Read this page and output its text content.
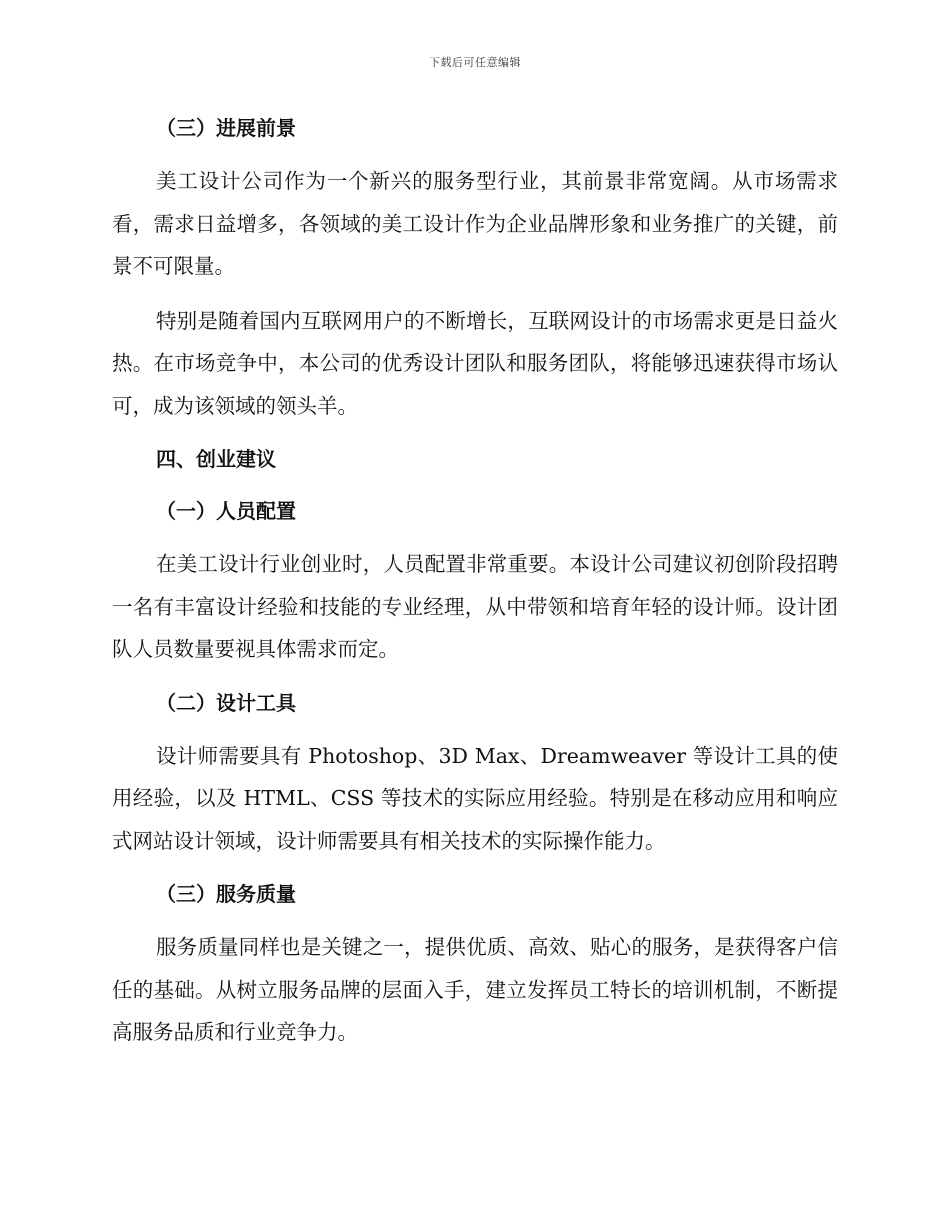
下载后可任意编辑
（三）进展前景

美工设计公司作为一个新兴的服务型行业，其前景非常宽阔。从市场需求看，需求日益增多，各领域的美工设计作为企业品牌形象和业务推广的关键，前景不可限量。

特别是随着国内互联网用户的不断增长，互联网设计的市场需求更是日益火热。在市场竞争中，本公司的优秀设计团队和服务团队，将能够迅速获得市场认可，成为该领域的领头羊。

四、创业建议
（一）人员配置

在美工设计行业创业时，人员配置非常重要。本设计公司建议初创阶段招聘一名有丰富设计经验和技能的专业经理，从中带领和培育年轻的设计师。设计团队人员数量要视具体需求而定。

（二）设计工具

设计师需要具有 Photoshop、3D Max、Dreamweaver 等设计工具的使用经验，以及 HTML、CSS 等技术的实际应用经验。特别是在移动应用和响应式网站设计领域，设计师需要具有相关技术的实际操作能力。

（三）服务质量

服务质量同样也是关键之一，提供优质、高效、贴心的服务，是获得客户信任的基础。从树立服务品牌的层面入手，建立发挥员工特长的培训机制，不断提高服务品质和行业竞争力。
